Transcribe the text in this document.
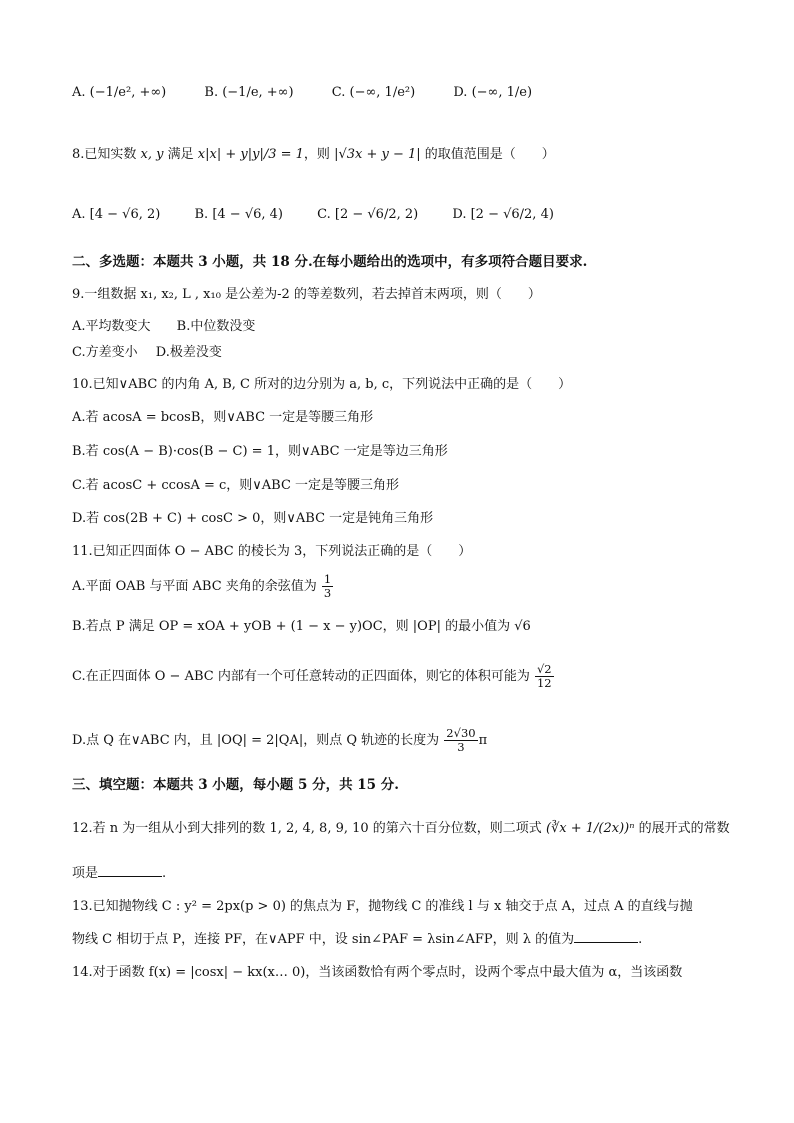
A. (−1/e², +∞)	B. (−1/e, +∞)	C. (−∞, 1/e²)	D. (−∞, 1/e)
8.已知实数 x, y 满足 x|x| + y|y|/3 = 1，则 |√3x + y − 1| 的取值范围是（　　）
A. [4 − √6, 2)	B. [4 − √6, 4)	C. [2 − √6/2, 2)	D. [2 − √6/2, 4)
二、多选题：本题共 3 小题，共 18 分.在每小题给出的选项中，有多项符合题目要求.
9.一组数据 x₁, x₂, L , x₁₀ 是公差为-2 的等差数列，若去掉首末两项，则（　　）
A.平均数变大 B.中位数没变
C.方差变小 D.极差没变
10.已知∨ABC 的内角 A, B, C 所对的边分别为 a, b, c，下列说法中正确的是（　　）
A.若 acosA = bcosB，则∨ABC 一定是等腰三角形
B.若 cos(A − B)·cos(B − C) = 1，则∨ABC 一定是等边三角形
C.若 acosC + ccosA = c，则∨ABC 一定是等腰三角形
D.若 cos(2B + C) + cosC > 0，则∨ABC 一定是钝角三角形
11.已知正四面体 O − ABC 的棱长为 3，下列说法正确的是（　　）
A.平面 OAB 与平面 ABC 夹角的余弦值为 $\frac{1}{3}$
B.若点 P 满足 OP = xOA + yOB + (1 − x − y)OC，则 |OP| 的最小值为 √6
C.在正四面体 O − ABC 内部有一个可任意转动的正四面体，则它的体积可能为 $\frac{√2}{12}$
D.点 Q 在∨ABC 内，且 |OQ| = 2|QA|，则点 Q 轨迹的长度为 $\frac{2√30}{3}$ π
三、填空题：本题共 3 小题，每小题 5 分，共 15 分.
12.若 n 为一组从小到大排列的数 1, 2, 4, 8, 9, 10 的第六十百分位数，则二项式 (∛x + 1/(2x))ⁿ 的展开式的常数
项是	.
13.已知抛物线 C : y² = 2px(p > 0) 的焦点为 F，抛物线 C 的准线 l 与 x 轴交于点 A，过点 A 的直线与抛
物线 C 相切于点 P，连接 PF，在∨APF 中，设 sin∠PAF = λsin∠AFP，则 λ 的值为	.
14.对于函数 f(x) = |cosx| − kx(x… 0)，当该函数恰有两个零点时，设两个零点中最大值为 α，当该函数
